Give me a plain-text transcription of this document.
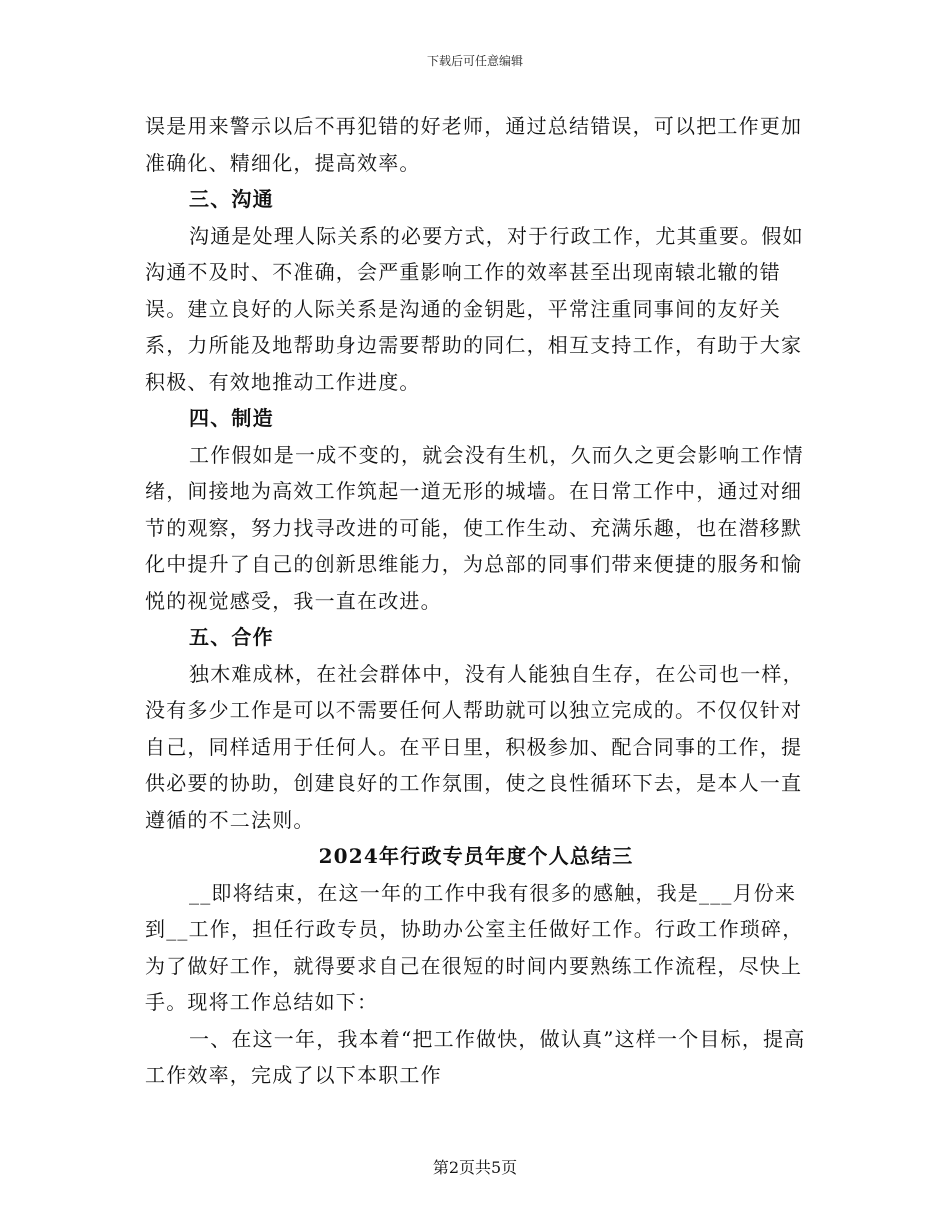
下载后可任意编辑

误是用来警示以后不再犯错的好老师，通过总结错误，可以把工作更加准确化、精细化，提高效率。

三、沟通

沟通是处理人际关系的必要方式，对于行政工作，尤其重要。假如沟通不及时、不准确，会严重影响工作的效率甚至出现南辕北辙的错误。建立良好的人际关系是沟通的金钥匙，平常注重同事间的友好关系，力所能及地帮助身边需要帮助的同仁，相互支持工作，有助于大家积极、有效地推动工作进度。

四、制造

工作假如是一成不变的，就会没有生机，久而久之更会影响工作情绪，间接地为高效工作筑起一道无形的城墙。在日常工作中，通过对细节的观察，努力找寻改进的可能，使工作生动、充满乐趣，也在潜移默化中提升了自己的创新思维能力，为总部的同事们带来便捷的服务和愉悦的视觉感受，我一直在改进。

五、合作

独木难成林，在社会群体中，没有人能独自生存，在公司也一样，没有多少工作是可以不需要任何人帮助就可以独立完成的。不仅仅针对自己，同样适用于任何人。在平日里，积极参加、配合同事的工作，提供必要的协助，创建良好的工作氛围，使之良性循环下去，是本人一直遵循的不二法则。

2024年行政专员年度个人总结三

__即将结束，在这一年的工作中我有很多的感触，我是___月份来到__工作，担任行政专员，协助办公室主任做好工作。行政工作琐碎，为了做好工作，就得要求自己在很短的时间内要熟练工作流程，尽快上手。现将工作总结如下：

一、在这一年，我本着“把工作做快，做认真”这样一个目标，提高工作效率，完成了以下本职工作

第2页共5页
